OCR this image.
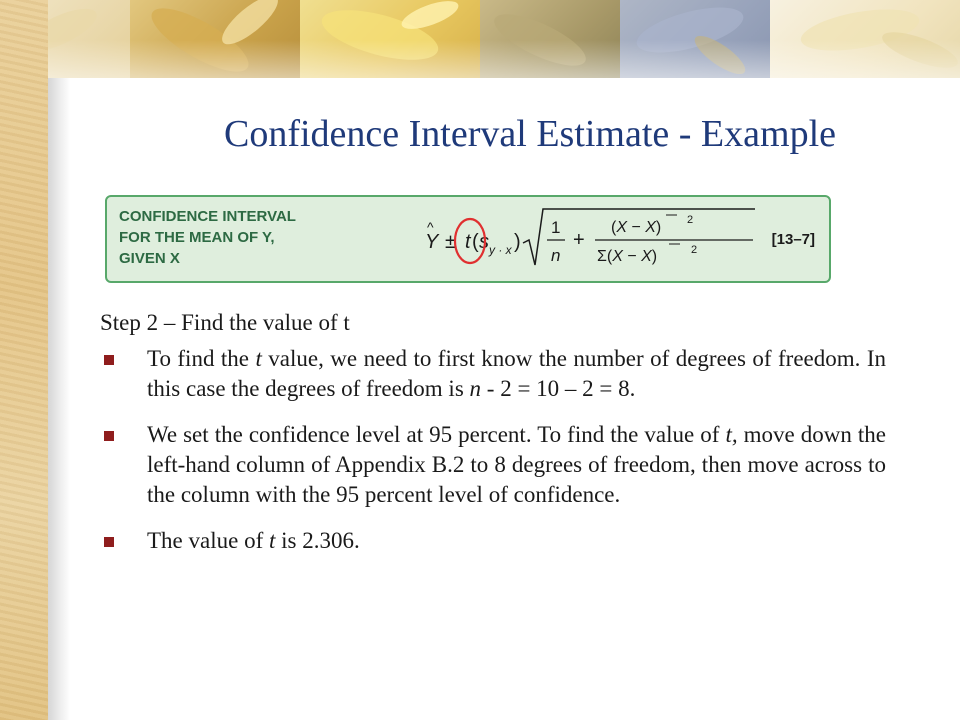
Confidence Interval Estimate - Example
CONFIDENCE INTERVAL
FOR THE MEAN OF Y,
GIVEN X
Y
^
± t ( s y · x )
1
n
+
(X − X) 2
Σ(X − X)	2
[13–7]

Step 2 – Find the value of t

To find the t value, we need to first know the number of degrees of freedom. In this case the degrees of freedom is n - 2 = 10 – 2 = 8.
We set the confidence level at 95 percent. To find the value of t, move down the left-hand column of Appendix B.2 to 8 degrees of freedom, then move across to the column with the 95 percent level of confidence.
The value of t is 2.306.
